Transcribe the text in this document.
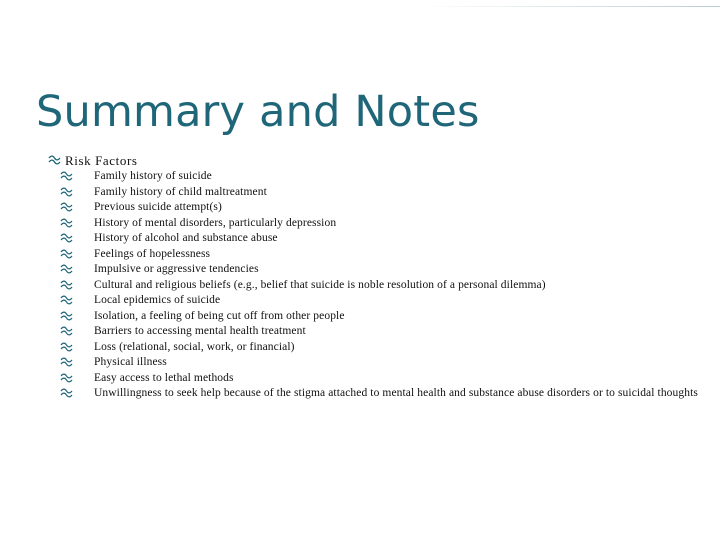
Summary and Notes
Risk Factors
Family history of suicide
Family history of child maltreatment
Previous suicide attempt(s)
History of mental disorders, particularly depression
History of alcohol and substance abuse
Feelings of hopelessness
Impulsive or aggressive tendencies
Cultural and religious beliefs (e.g., belief that suicide is noble resolution of a personal dilemma)
Local epidemics of suicide
Isolation, a feeling of being cut off from other people
Barriers to accessing mental health treatment
Loss (relational, social, work, or financial)
Physical illness
Easy access to lethal methods
Unwillingness to seek help because of the stigma attached to mental health and substance abuse disorders or to suicidal thoughts
